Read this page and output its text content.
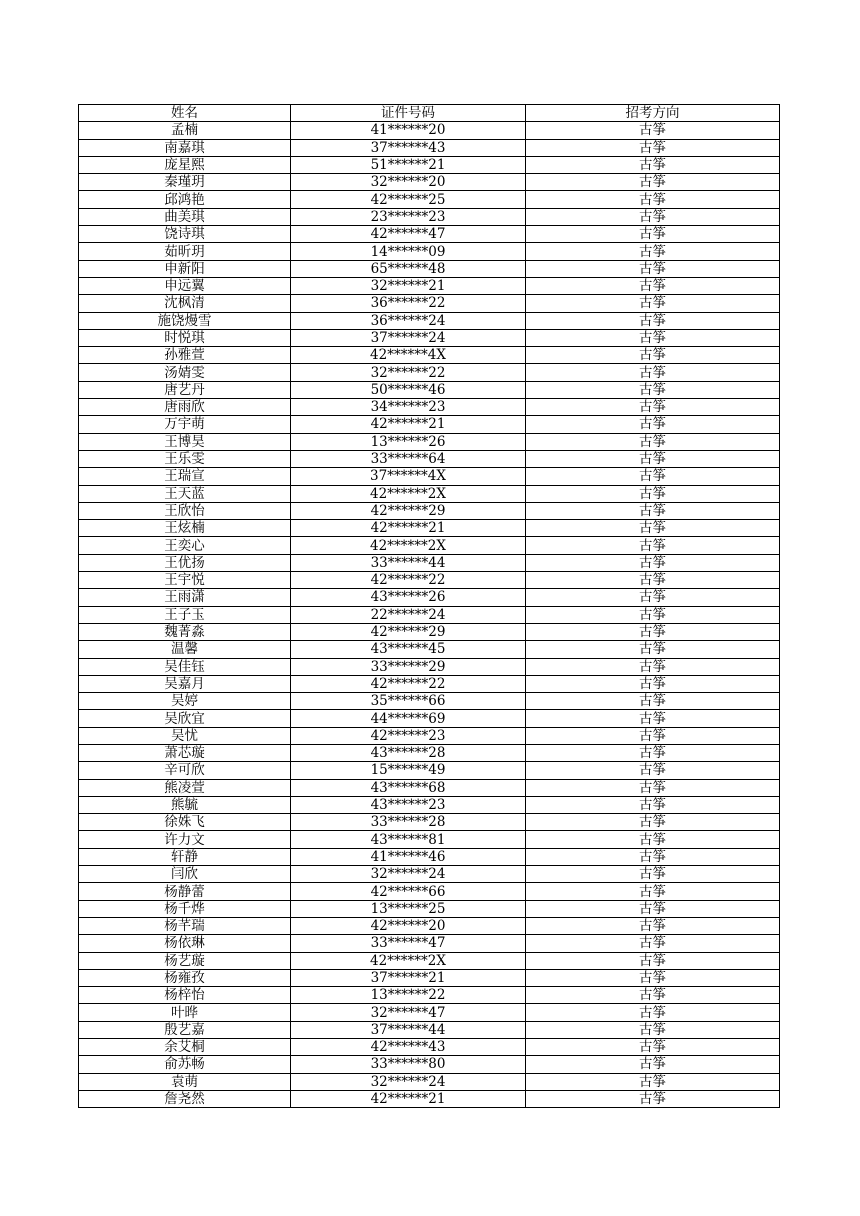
姓名	证件号码	招考方向
孟楠	41******20	古筝
南嘉琪	37******43	古筝
庞星熙	51******21	古筝
秦瑾玥	32******20	古筝
邱鸿艳	42******25	古筝
曲美琪	23******23	古筝
饶诗琪	42******47	古筝
茹昕玥	14******09	古筝
申新阳	65******48	古筝
申远翼	32******21	古筝
沈枫清	36******22	古筝
施饶熳雪	36******24	古筝
时悦琪	37******24	古筝
孙雅萱	42******4X	古筝
汤婧雯	32******22	古筝
唐艺丹	50******46	古筝
唐雨欣	34******23	古筝
万宇萌	42******21	古筝
王博昊	13******26	古筝
王乐雯	33******64	古筝
王瑞宣	37******4X	古筝
王天蓝	42******2X	古筝
王欣怡	42******29	古筝
王炫楠	42******21	古筝
王奕心	42******2X	古筝
王优扬	33******44	古筝
王宇悦	42******22	古筝
王雨潇	43******26	古筝
王子玉	22******24	古筝
魏菁淼	42******29	古筝
温馨	43******45	古筝
吴佳钰	33******29	古筝
吴嘉月	42******22	古筝
吴婷	35******66	古筝
吴欣宜	44******69	古筝
吴忧	42******23	古筝
萧芯璇	43******28	古筝
辛可欣	15******49	古筝
熊凌萱	43******68	古筝
熊毓	43******23	古筝
徐姝飞	33******28	古筝
许力文	43******81	古筝
轩静	41******46	古筝
闫欣	32******24	古筝
杨静蕾	42******66	古筝
杨千烨	13******25	古筝
杨芊瑞	42******20	古筝
杨依琳	33******47	古筝
杨艺璇	42******2X	古筝
杨雍孜	37******21	古筝
杨梓怡	13******22	古筝
叶晔	32******47	古筝
殷艺嘉	37******44	古筝
余艾桐	42******43	古筝
俞苏畅	33******80	古筝
袁萌	32******24	古筝
詹尧然	42******21	古筝
